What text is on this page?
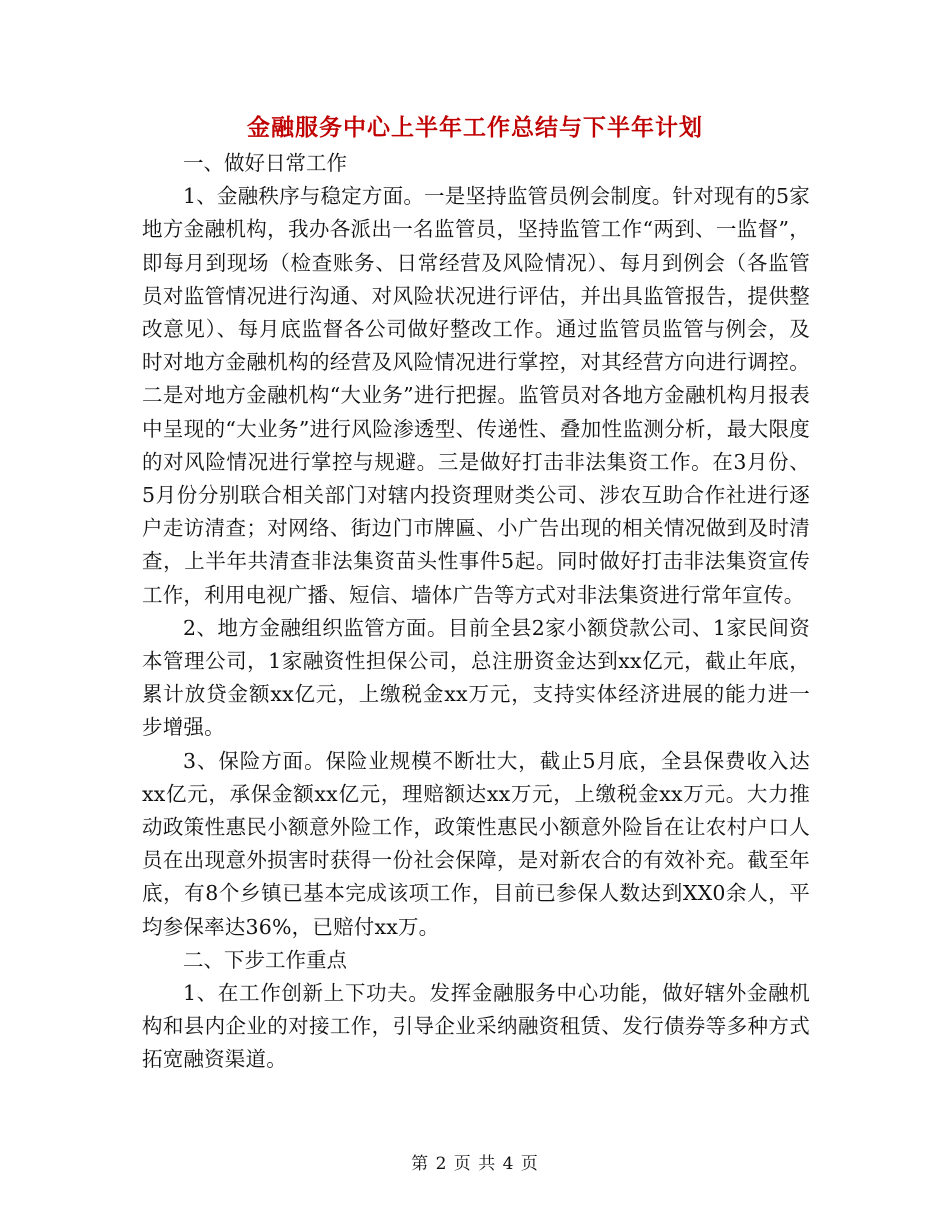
金融服务中心上半年工作总结与下半年计划

一、做好日常工作

1、金融秩序与稳定方面。一是坚持监管员例会制度。针对现有的5家地方金融机构，我办各派出一名监管员，坚持监管工作“两到、一监督”，即每月到现场（检查账务、日常经营及风险情况）、每月到例会（各监管员对监管情况进行沟通、对风险状况进行评估，并出具监管报告，提供整改意见）、每月底监督各公司做好整改工作。通过监管员监管与例会，及时对地方金融机构的经营及风险情况进行掌控，对其经营方向进行调控。二是对地方金融机构“大业务”进行把握。监管员对各地方金融机构月报表中呈现的“大业务”进行风险渗透型、传递性、叠加性监测分析，最大限度的对风险情况进行掌控与规避。三是做好打击非法集资工作。在3月份、5月份分别联合相关部门对辖内投资理财类公司、涉农互助合作社进行逐户走访清查；对网络、街边门市牌匾、小广告出现的相关情况做到及时清查，上半年共清查非法集资苗头性事件5起。同时做好打击非法集资宣传工作，利用电视广播、短信、墙体广告等方式对非法集资进行常年宣传。

2、地方金融组织监管方面。目前全县2家小额贷款公司、1家民间资本管理公司，1家融资性担保公司，总注册资金达到xx亿元，截止年底，累计放贷金额xx亿元，上缴税金xx万元，支持实体经济进展的能力进一步增强。

3、保险方面。保险业规模不断壮大，截止5月底，全县保费收入达xx亿元，承保金额xx亿元，理赔额达xx万元，上缴税金xx万元。大力推动政策性惠民小额意外险工作，政策性惠民小额意外险旨在让农村户口人员在出现意外损害时获得一份社会保障，是对新农合的有效补充。截至年底，有8个乡镇已基本完成该项工作，目前已参保人数达到XX0余人，平均参保率达36%，已赔付xx万。

二、下步工作重点

1、在工作创新上下功夫。发挥金融服务中心功能，做好辖外金融机构和县内企业的对接工作，引导企业采纳融资租赁、发行债券等多种方式拓宽融资渠道。

第 2 页 共 4 页
